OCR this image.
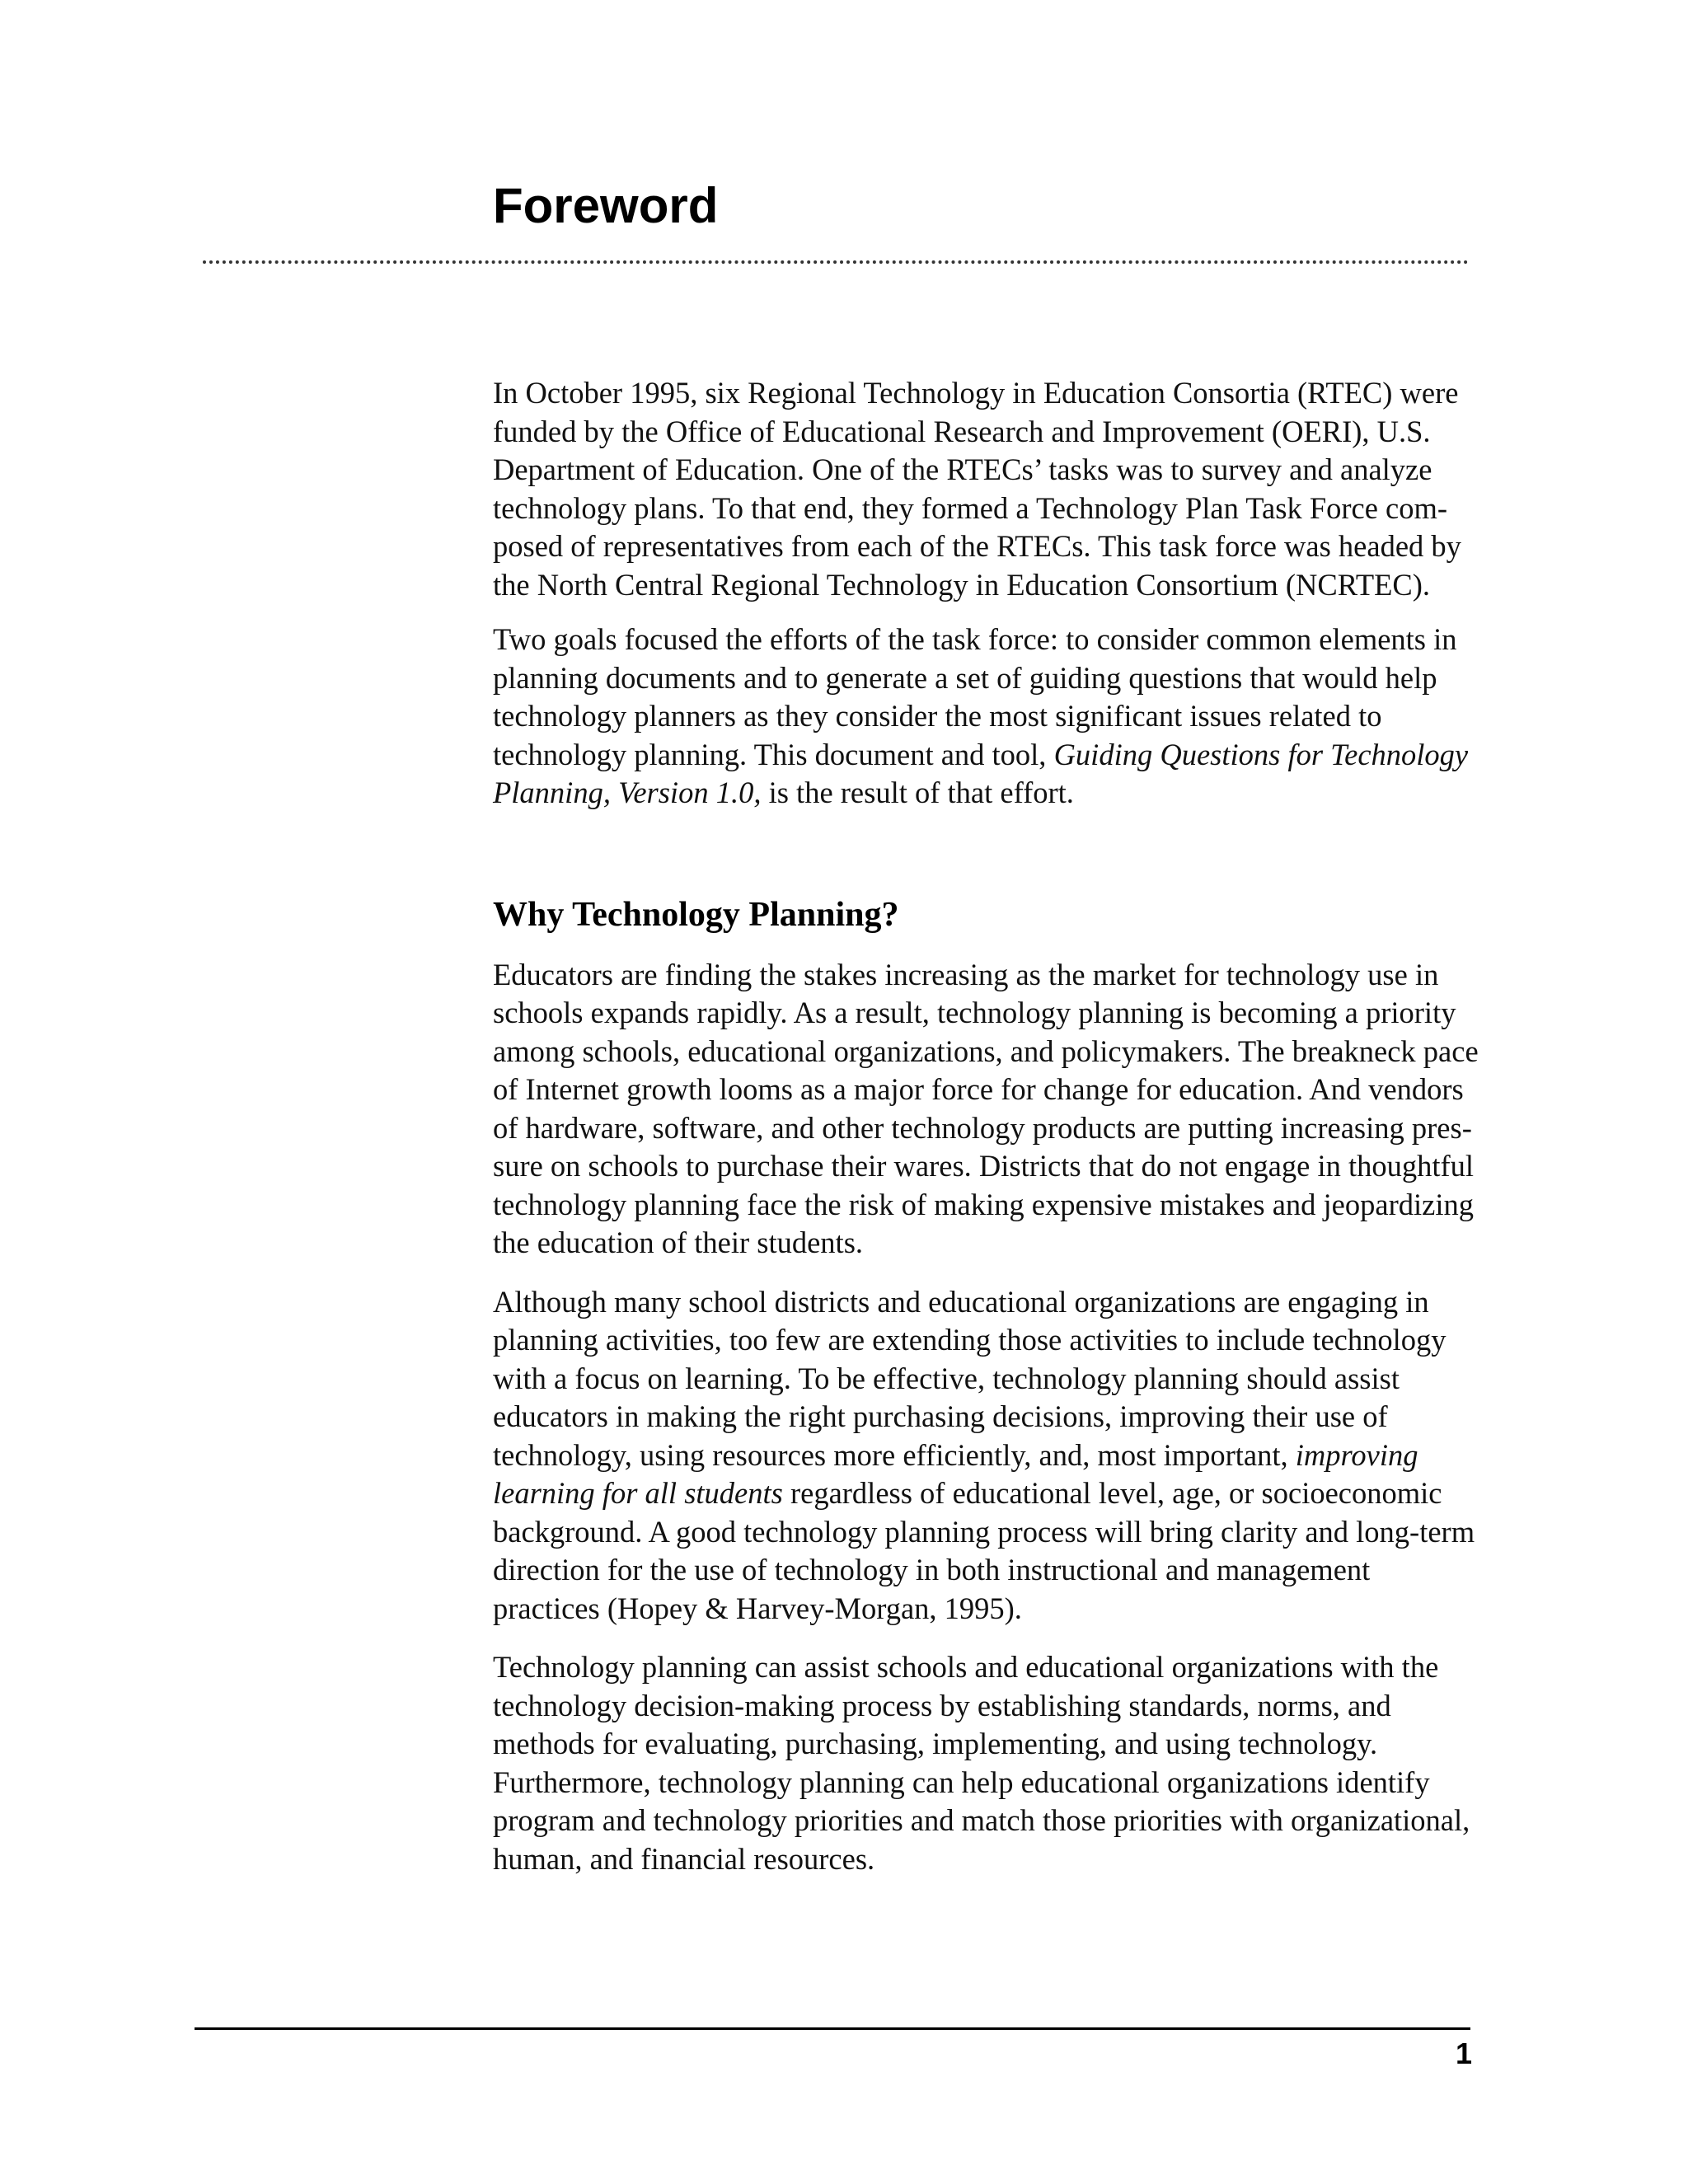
Foreword

In October 1995, six Regional Technology in Education Consortia (RTEC) were funded by the Office of Educational Research and Improvement (OERI), U.S. Department of Education. One of the RTECs’ tasks was to survey and analyze technology plans. To that end, they formed a Technology Plan Task Force com-posed of representatives from each of the RTECs. This task force was headed by the North Central Regional Technology in Education Consortium (NCRTEC).

Two goals focused the efforts of the task force: to consider common elements in planning documents and to generate a set of guiding questions that would help technology planners as they consider the most significant issues related to technology planning. This document and tool, Guiding Questions for Technology Planning, Version 1.0, is the result of that effort.

Why Technology Planning?

Educators are finding the stakes increasing as the market for technology use in schools expands rapidly. As a result, technology planning is becoming a priority among schools, educational organizations, and policymakers. The breakneck pace of Internet growth looms as a major force for change for education. And vendors of hardware, software, and other technology products are putting increasing pres-sure on schools to purchase their wares. Districts that do not engage in thoughtful technology planning face the risk of making expensive mistakes and jeopardizing the education of their students.

Although many school districts and educational organizations are engaging in planning activities, too few are extending those activities to include technology with a focus on learning. To be effective, technology planning should assist educators in making the right purchasing decisions, improving their use of technology, using resources more efficiently, and, most important, improving learning for all students regardless of educational level, age, or socioeconomic background. A good technology planning process will bring clarity and long-term direction for the use of technology in both instructional and management practices (Hopey & Harvey-Morgan, 1995).

Technology planning can assist schools and educational organizations with the technology decision-making process by establishing standards, norms, and methods for evaluating, purchasing, implementing, and using technology. Furthermore, technology planning can help educational organizations identify program and technology priorities and match those priorities with organizational, human, and financial resources.

1
